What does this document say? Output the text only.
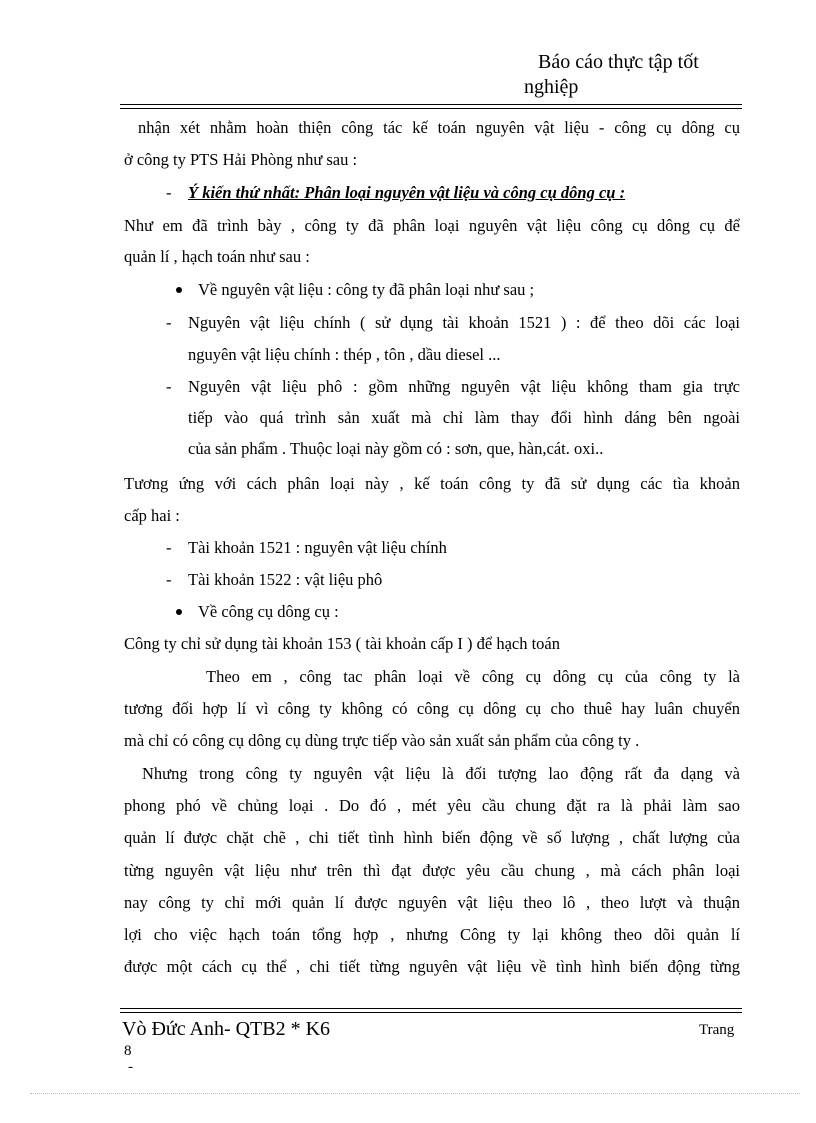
Báo cáo thực tập tốt
nghiệp
nhận xét nhằm hoàn thiện công tác kế toán nguyên vật liệu - công cụ dông cụ
ở công ty PTS Hải Phòng như sau :
- Ý kiến thứ nhất: Phân loại nguyên vật liệu và công cụ dông cụ :
Như em đã trình bày , công ty đã phân loại nguyên vật liệu công cụ dông cụ để
quản lí , hạch toán như sau :
Về nguyên vật liệu : công ty đã phân loại như sau ;
- Nguyên vật liệu chính ( sử dụng tài khoản 1521 ) : để theo dõi các loại
nguyên vật liệu chính : thép , tôn , dầu diesel ...
- Nguyên vật liệu phô : gồm những nguyên vật liệu không tham gia trực
tiếp vào quá trình sản xuất mà chỉ làm thay đổi hình dáng bên ngoài
của sản phẩm . Thuộc loại này gồm có : sơn, que, hàn,cát. oxi..
Tương ứng với cách phân loại này , kế toán công ty đã sử dụng các tìa khoản
cấp hai :
- Tài khoản 1521 : nguyên vật liệu chính
- Tài khoản 1522 : vật liệu phô
Về công cụ dông cụ :
Công ty chỉ sử dụng tài khoản 153 ( tài khoản cấp I ) để hạch toán
Theo em , công tac phân loại về công cụ dông cụ của công ty là
tương đối hợp lí vì công ty không có công cụ dông cụ cho thuê hay luân chuyển
mà chỉ có công cụ dông cụ dùng trực tiếp vào sản xuất sản phẩm của công ty .
Nhưng trong công ty nguyên vật liệu là đối tượng lao động rất đa dạng và
phong phó về chủng loại . Do đó , mét yêu cầu chung đặt ra là phải làm sao
quản lí được chặt chẽ , chi tiết tình hình biến động về số lượng , chất lượng của
từng nguyên vật liệu như trên thì đạt được yêu cầu chung , mà cách phân loại
nay công ty chỉ mới quản lí được nguyên vật liệu theo lô , theo lượt và thuận
lợi cho việc hạch toán tổng hợp , nhưng Công ty lại không theo dõi quản lí
được một cách cụ thể , chi tiết từng nguyên vật liệu về tình hình biến động từng
Vò Đức Anh- QTB2 * K6	Trang
8
-
